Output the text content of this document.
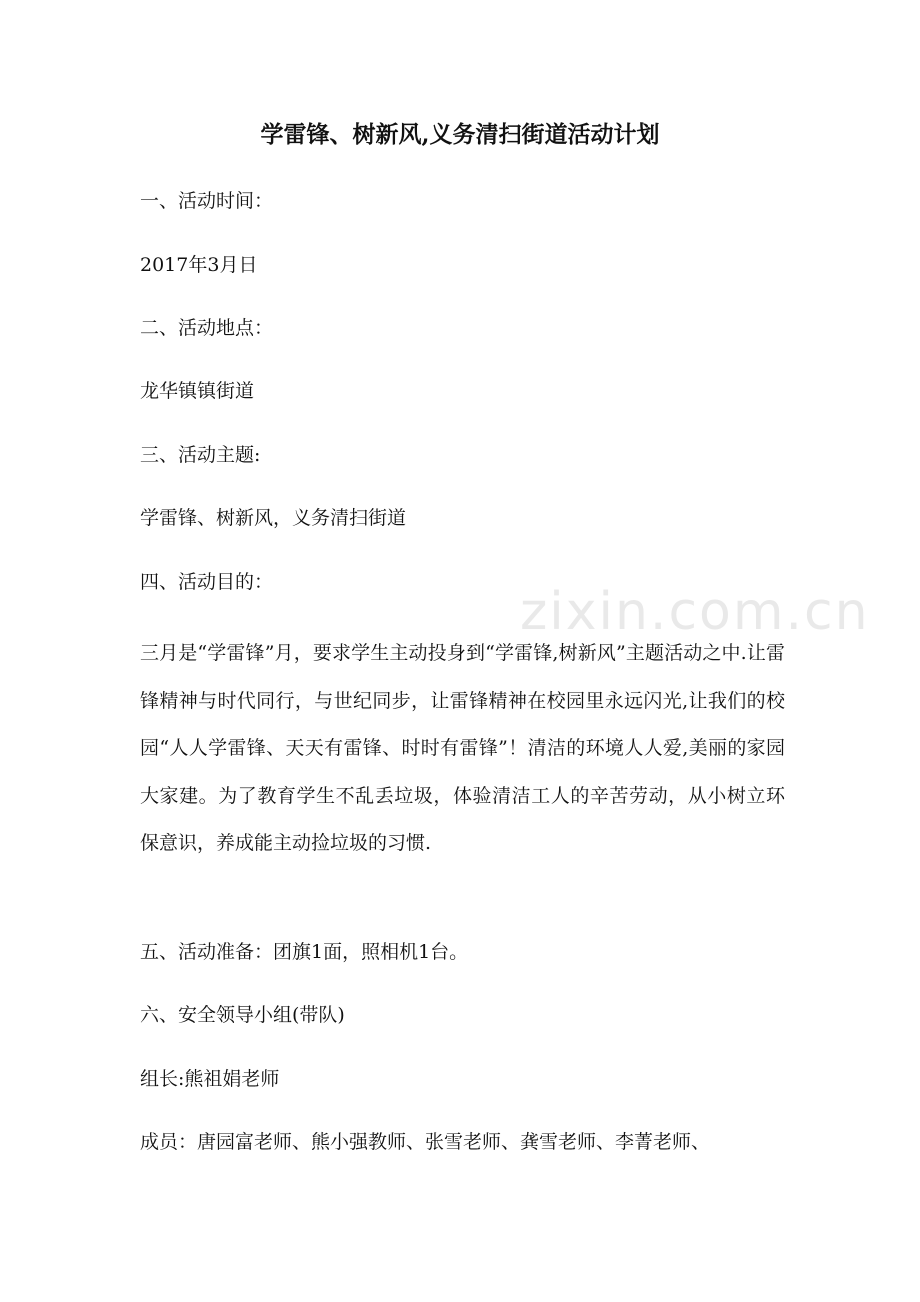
zixin.com.cn
学雷锋、树新风,义务清扫街道活动计划
一、活动时间：
2017年3月日
二、活动地点：
龙华镇镇街道
三、活动主题:
学雷锋、树新风，义务清扫街道
四、活动目的：
三月是“学雷锋”月，要求学生主动投身到“学雷锋,树新风”主题活动之中.让雷锋精神与时代同行，与世纪同步，让雷锋精神在校园里永远闪光,让我们的校园“人人学雷锋、天天有雷锋、时时有雷锋”！清洁的环境人人爱,美丽的家园大家建。为了教育学生不乱丢垃圾，体验清洁工人的辛苦劳动，从小树立环保意识，养成能主动捡垃圾的习惯.
五、活动准备：团旗1面，照相机1台。
六、安全领导小组(带队)
组长:熊祖娟老师
成员：唐园富老师、熊小强教师、张雪老师、龚雪老师、李菁老师、
